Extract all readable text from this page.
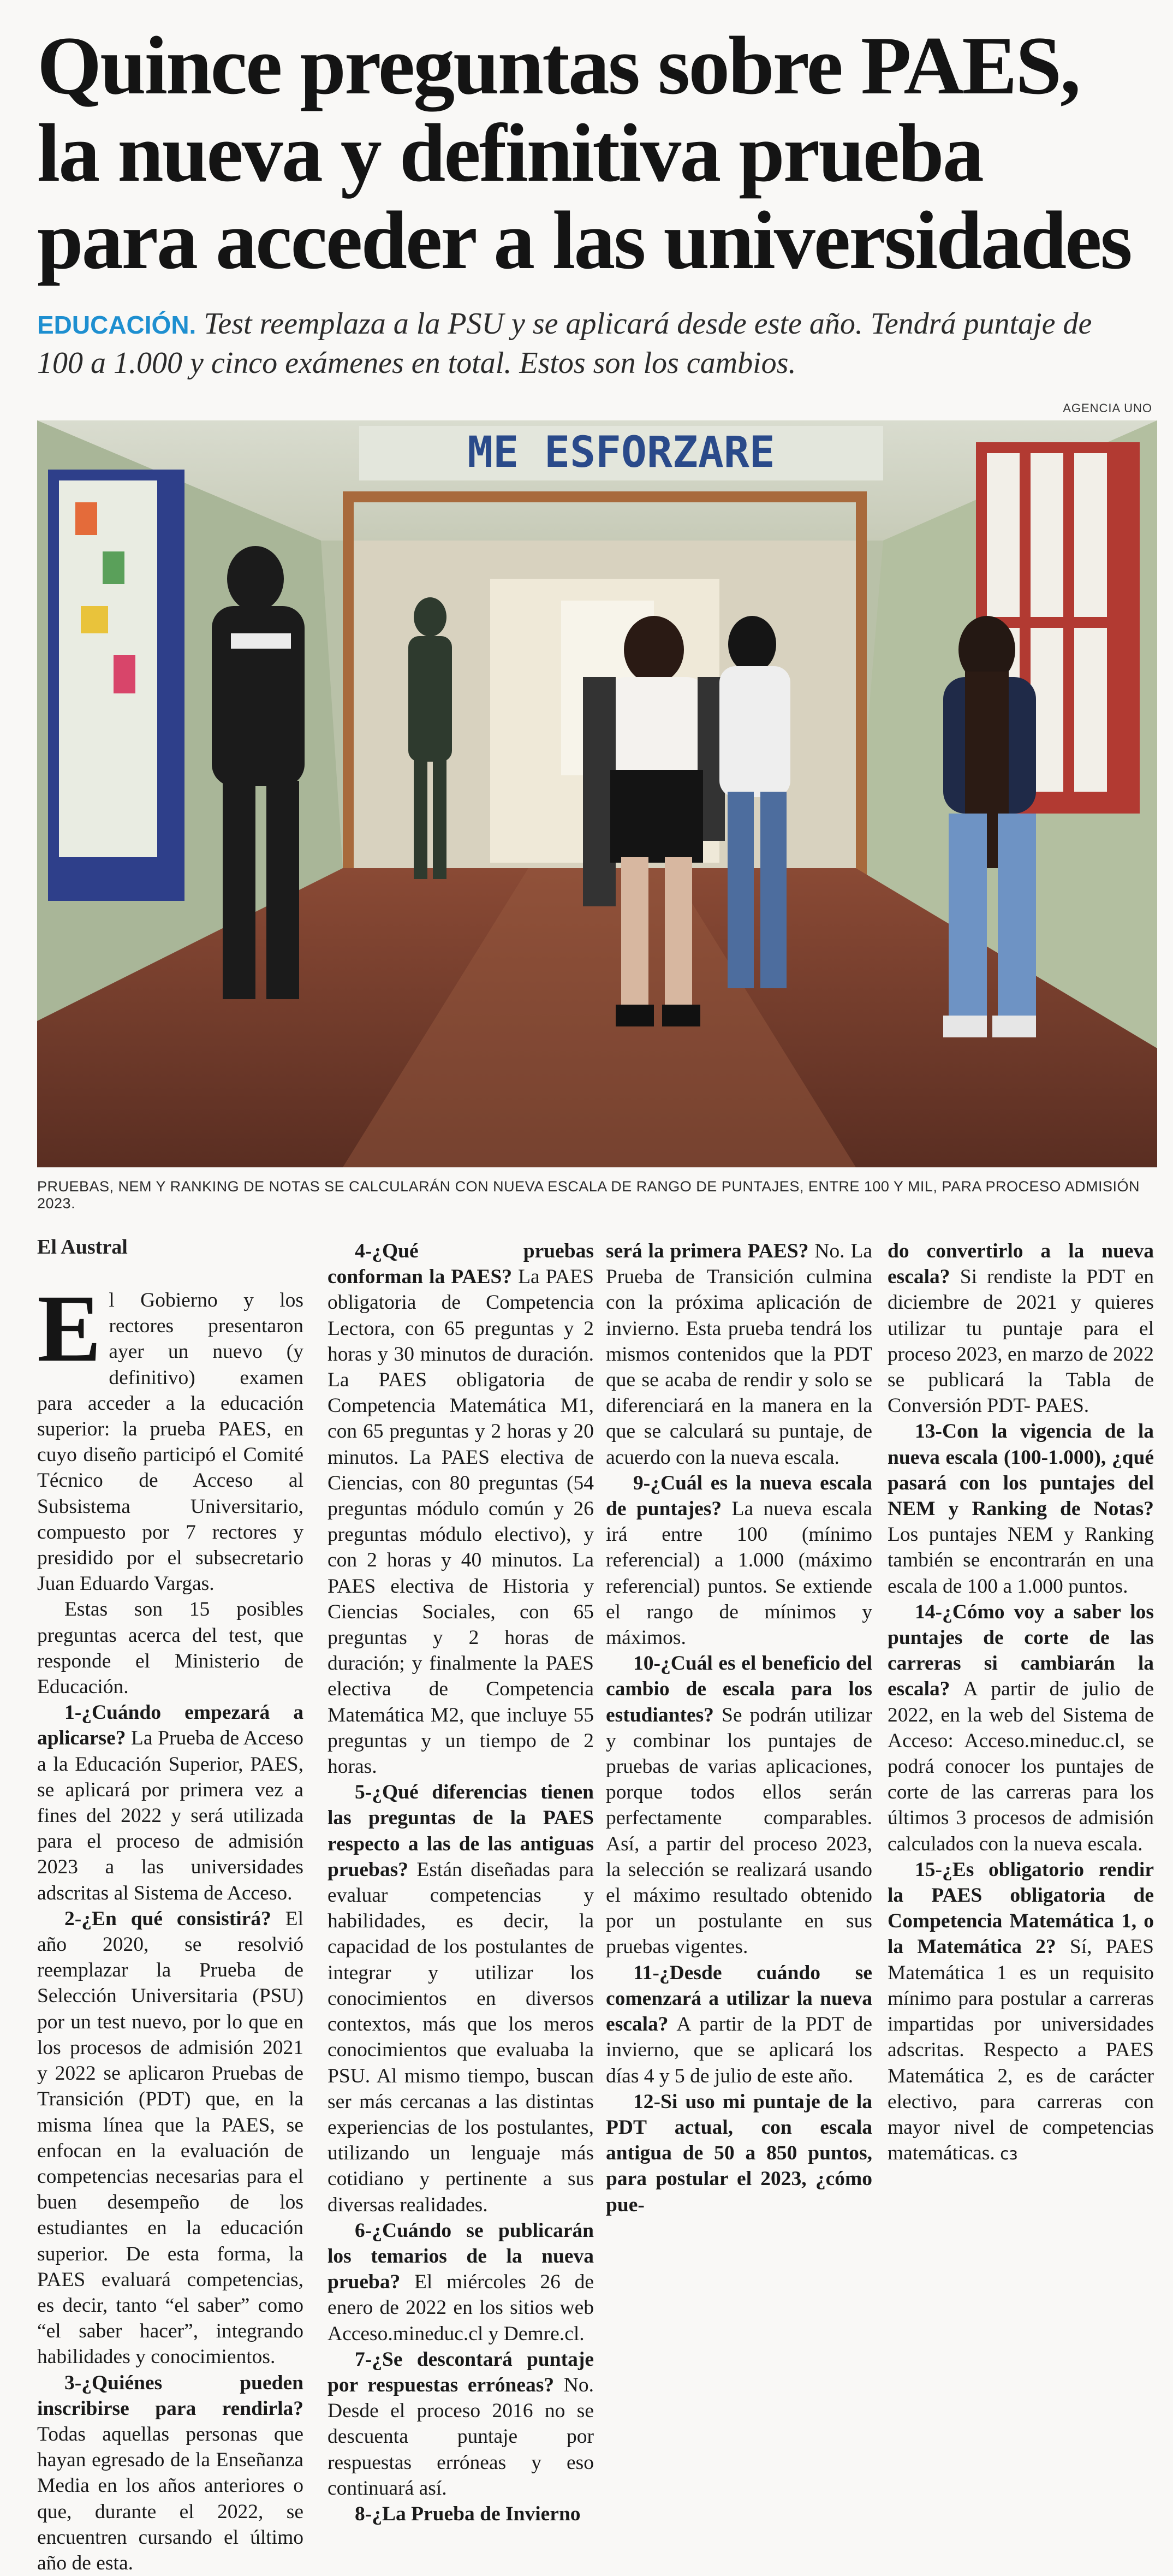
Quince preguntas sobre PAES, la nueva y definitiva prueba para acceder a las universidades
EDUCACIÓN. Test reemplaza a la PSU y se aplicará desde este año. Tendrá puntaje de 100 a 1.000 y cinco exámenes en total. Estos son los cambios.
AGENCIA UNO
ME ESFORZARE
PRUEBAS, NEM Y RANKING DE NOTAS SE CALCULARÁN CON NUEVA ESCALA DE RANGO DE PUNTAJES, ENTRE 100 Y MIL, PARA PROCESO ADMISIÓN 2023.
El Austral

El Gobierno y los rectores presentaron ayer un nuevo (y definitivo) examen para acceder a la educación superior: la prueba PAES, en cuyo diseño participó el Comité Técnico de Acceso al Subsistema Universitario, compuesto por 7 rectores y presidido por el subsecretario Juan Eduardo Vargas.

Estas son 15 posibles preguntas acerca del test, que responde el Ministerio de Educación.

1-¿Cuándo empezará a aplicarse? La Prueba de Acceso a la Educación Superior, PAES, se aplicará por primera vez a fines del 2022 y será utilizada para el proceso de admisión 2023 a las universidades adscritas al Sistema de Acceso.

2-¿En qué consistirá? El año 2020, se resolvió reemplazar la Prueba de Selección Universitaria (PSU) por un test nuevo, por lo que en los procesos de admisión 2021 y 2022 se aplicaron Pruebas de Transición (PDT) que, en la misma línea que la PAES, se enfocan en la evaluación de competencias necesarias para el buen desempeño de los estudiantes en la educación superior. De esta forma, la PAES evaluará competencias, es decir, tanto “el saber” como “el saber hacer”, integrando habilidades y conocimientos.

3-¿Quiénes pueden inscribirse para rendirla? Todas aquellas personas que hayan egresado de la Enseñanza Media en los años anteriores o que, durante el 2022, se encuentren cursando el último año de esta.

4-¿Qué pruebas conforman la PAES? La PAES obligatoria de Competencia Lectora, con 65 preguntas y 2 horas y 30 minutos de duración. La PAES obligatoria de Competencia Matemática M1, con 65 preguntas y 2 horas y 20 minutos. La PAES electiva de Ciencias, con 80 preguntas (54 preguntas módulo común y 26 preguntas módulo electivo), y con 2 horas y 40 minutos. La PAES electiva de Historia y Ciencias Sociales, con 65 preguntas y 2 horas de duración; y finalmente la PAES electiva de Competencia Matemática M2, que incluye 55 preguntas y un tiempo de 2 horas.

5-¿Qué diferencias tienen las preguntas de la PAES respecto a las de las antiguas pruebas? Están diseñadas para evaluar competencias y habilidades, es decir, la capacidad de los postulantes de integrar y utilizar los conocimientos en diversos contextos, más que los meros conocimientos que evaluaba la PSU. Al mismo tiempo, buscan ser más cercanas a las distintas experiencias de los postulantes, utilizando un lenguaje más cotidiano y pertinente a sus diversas realidades.

6-¿Cuándo se publicarán los temarios de la nueva prueba? El miércoles 26 de enero de 2022 en los sitios web Acceso.mineduc.cl y Demre.cl.

7-¿Se descontará puntaje por respuestas erróneas? No. Desde el proceso 2016 no se descuenta puntaje por respuestas erróneas y eso continuará así.

8-¿La Prueba de Invierno

será la primera PAES? No. La Prueba de Transición culmina con la próxima aplicación de invierno. Esta prueba tendrá los mismos contenidos que la PDT que se acaba de rendir y solo se diferenciará en la manera en la que se calculará su puntaje, de acuerdo con la nueva escala.

9-¿Cuál es la nueva escala de puntajes? La nueva escala irá entre 100 (mínimo referencial) a 1.000 (máximo referencial) puntos. Se extiende el rango de mínimos y máximos.

10-¿Cuál es el beneficio del cambio de escala para los estudiantes? Se podrán utilizar y combinar los puntajes de pruebas de varias aplicaciones, porque todos ellos serán perfectamente comparables. Así, a partir del proceso 2023, la selección se realizará usando el máximo resultado obtenido por un postulante en sus pruebas vigentes.

11-¿Desde cuándo se comenzará a utilizar la nueva escala? A partir de la PDT de invierno, que se aplicará los días 4 y 5 de julio de este año.

12-Si uso mi puntaje de la PDT actual, con escala antigua de 50 a 850 puntos, para postular el 2023, ¿cómo pue-

do convertirlo a la nueva escala? Si rendiste la PDT en diciembre de 2021 y quieres utilizar tu puntaje para el proceso 2023, en marzo de 2022 se publicará la Tabla de Conversión PDT- PAES.

13-Con la vigencia de la nueva escala (100-1.000), ¿qué pasará con los puntajes del NEM y Ranking de Notas? Los puntajes NEM y Ranking también se encontrarán en una escala de 100 a 1.000 puntos.

14-¿Cómo voy a saber los puntajes de corte de las carreras si cambiarán la escala? A partir de julio de 2022, en la web del Sistema de Acceso: Acceso.mineduc.cl, se podrá conocer los puntajes de corte de las carreras para los últimos 3 procesos de admisión calculados con la nueva escala.

15-¿Es obligatorio rendir la PAES obligatoria de Competencia Matemática 1, o la Matemática 2? Sí, PAES Matemática 1 es un requisito mínimo para postular a carreras impartidas por universidades adscritas. Respecto a PAES Matemática 2, es de carácter electivo, para carreras con mayor nivel de competencias matemáticas. cз
